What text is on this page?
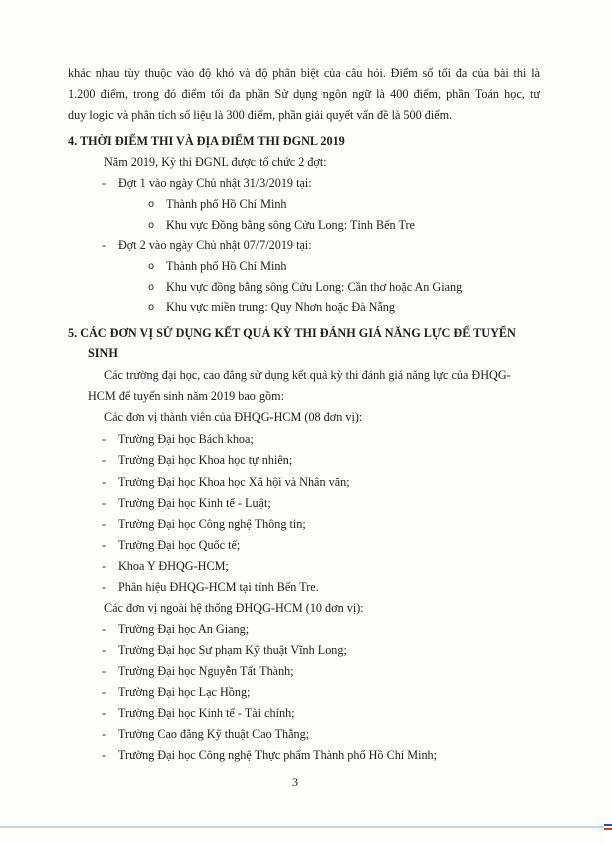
khác nhau tùy thuộc vào độ khó và độ phân biệt của câu hỏi. Điểm số tối đa của bài thi là
1.200 điểm, trong đó điểm tối đa phần Sử dụng ngôn ngữ là 400 điểm, phần Toán học, tư
duy logic và phân tích số liệu là 300 điểm, phần giải quyết vấn đề là 500 điểm.
4. THỜI ĐIỂM THI VÀ ĐỊA ĐIỂM THI ĐGNL 2019
Năm 2019, Kỳ thi ĐGNL được tổ chức 2 đợt:
- Đợt 1 vào ngày Chủ nhật 31/3/2019 tại:
o Thành phố Hồ Chí Minh
o Khu vực Đồng bằng sông Cửu Long: Tỉnh Bến Tre
- Đợt 2 vào ngày Chủ nhật 07/7/2019 tại:
o Thành phố Hồ Chí Minh
o Khu vực đồng bằng sông Cửu Long: Cần thơ hoặc An Giang
o Khu vực miền trung: Quy Nhơn hoặc Đà Nẵng
5. CÁC ĐƠN VỊ SỬ DỤNG KẾT QUẢ KỲ THI ĐÁNH GIÁ NĂNG LỰC ĐỂ TUYỂN
SINH
Các trường đại học, cao đẳng sử dụng kết quả kỳ thi đánh giá năng lực của ĐHQG-
HCM để tuyển sinh năm 2019 bao gồm:
Các đơn vị thành viên của ĐHQG-HCM (08 đơn vị):
- Trường Đại học Bách khoa;
- Trường Đại học Khoa học tự nhiên;
- Trường Đại học Khoa học Xã hội và Nhân văn;
- Trường Đại học Kinh tế - Luật;
- Trường Đại học Công nghệ Thông tin;
- Trường Đại học Quốc tế;
- Khoa Y ĐHQG-HCM;
- Phân hiệu ĐHQG-HCM tại tỉnh Bến Tre.
Các đơn vị ngoài hệ thống ĐHQG-HCM (10 đơn vị):
- Trường Đại học An Giang;
- Trường Đại học Sư phạm Kỹ thuật Vĩnh Long;
- Trường Đại học Nguyễn Tất Thành;
- Trường Đại học Lạc Hồng;
- Trường Đại học Kinh tế - Tài chính;
- Trường Cao đẳng Kỹ thuật Cao Thắng;
- Trường Đại học Công nghệ Thực phẩm Thành phố Hồ Chí Minh;
3
